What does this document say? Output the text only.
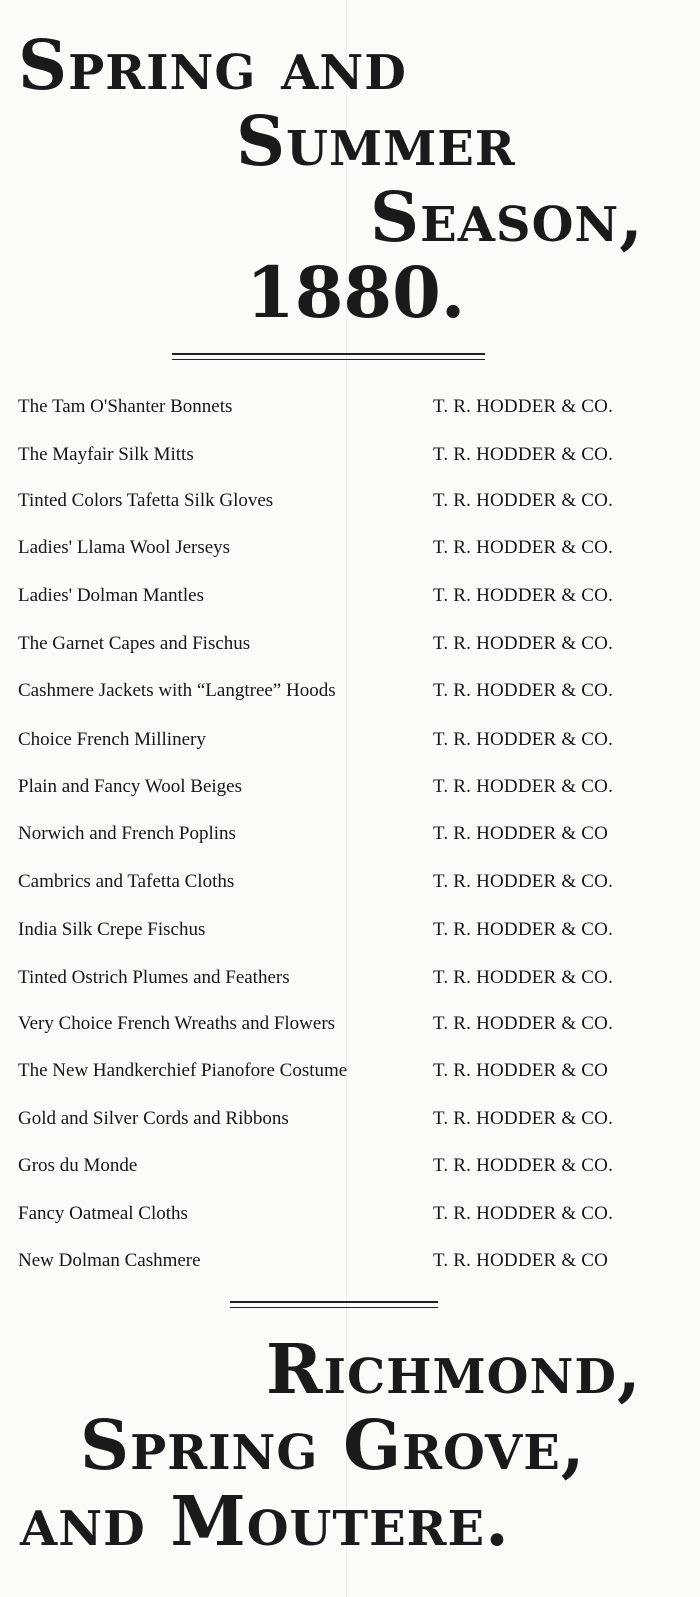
Spring and
Summer
Season,
1880.
The Tam O'Shanter Bonnets	T. R. HODDER & CO.
The Mayfair Silk Mitts	T. R. HODDER & CO.
Tinted Colors Tafetta Silk Gloves	T. R. HODDER & CO.
Ladies' Llama Wool Jerseys	T. R. HODDER & CO.
Ladies' Dolman Mantles	T. R. HODDER & CO.
The Garnet Capes and Fischus	T. R. HODDER & CO.
Cashmere Jackets with “Langtree” Hoods	T. R. HODDER & CO.
Choice French Millinery	T. R. HODDER & CO.
Plain and Fancy Wool Beiges	T. R. HODDER & CO.
Norwich and French Poplins	T. R. HODDER & CO
Cambrics and Tafetta Cloths	T. R. HODDER & CO.
India Silk Crepe Fischus	T. R. HODDER & CO.
Tinted Ostrich Plumes and Feathers	T. R. HODDER & CO.
Very Choice French Wreaths and Flowers	T. R. HODDER & CO.
The New Handkerchief Pianofore Costume	T. R. HODDER & CO
Gold and Silver Cords and Ribbons	T. R. HODDER & CO.
Gros du Monde	T. R. HODDER & CO.
Fancy Oatmeal Cloths	T. R. HODDER & CO.
New Dolman Cashmere	T. R. HODDER & CO
Richmond,
Spring Grove,
and Moutere.
